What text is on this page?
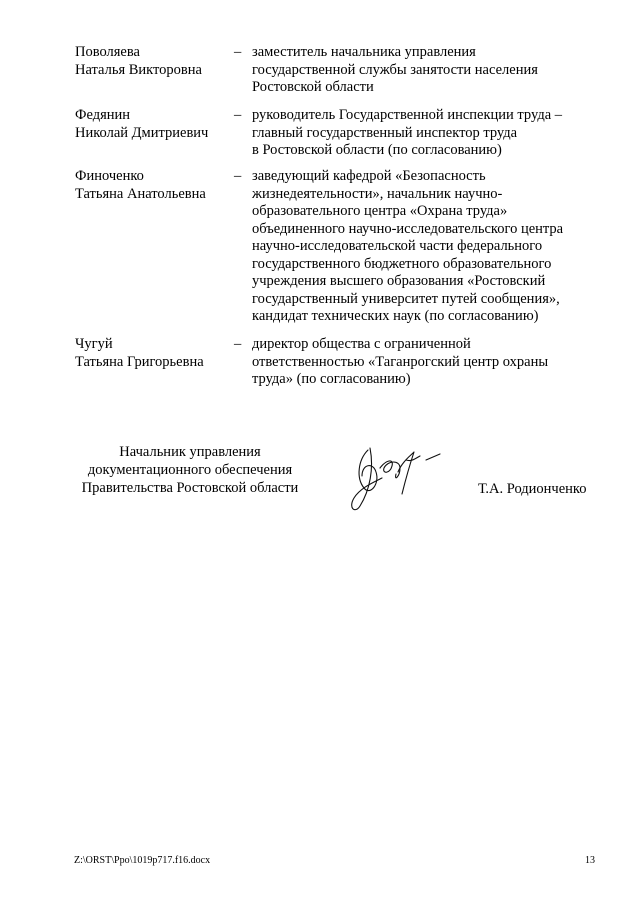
Поволяева
Наталья Викторовна
– заместитель начальника управления
государственной службы занятости населения
Ростовской области
Федянин
Николай Дмитриевич
– руководитель Государственной инспекции труда –
главный государственный инспектор труда
в Ростовской области (по согласованию)
Финоченко
Татьяна Анатольевна
– заведующий кафедрой «Безопасность
жизнедеятельности», начальник научно-
образовательного центра «Охрана труда»
объединенного научно-исследовательского центра
научно-исследовательской части федерального
государственного бюджетного образовательного
учреждения высшего образования «Ростовский
государственный университет путей сообщения»,
кандидат технических наук (по согласованию)
Чугуй
Татьяна Григорьевна
– директор общества с ограниченной
ответственностью «Таганрогский центр охраны
труда» (по согласованию)
Начальник управления
документационного обеспечения
Правительства Ростовской области	Т.А. Родионченко
Z:\ORST\Ppo\1019p717.f16.docx	13
